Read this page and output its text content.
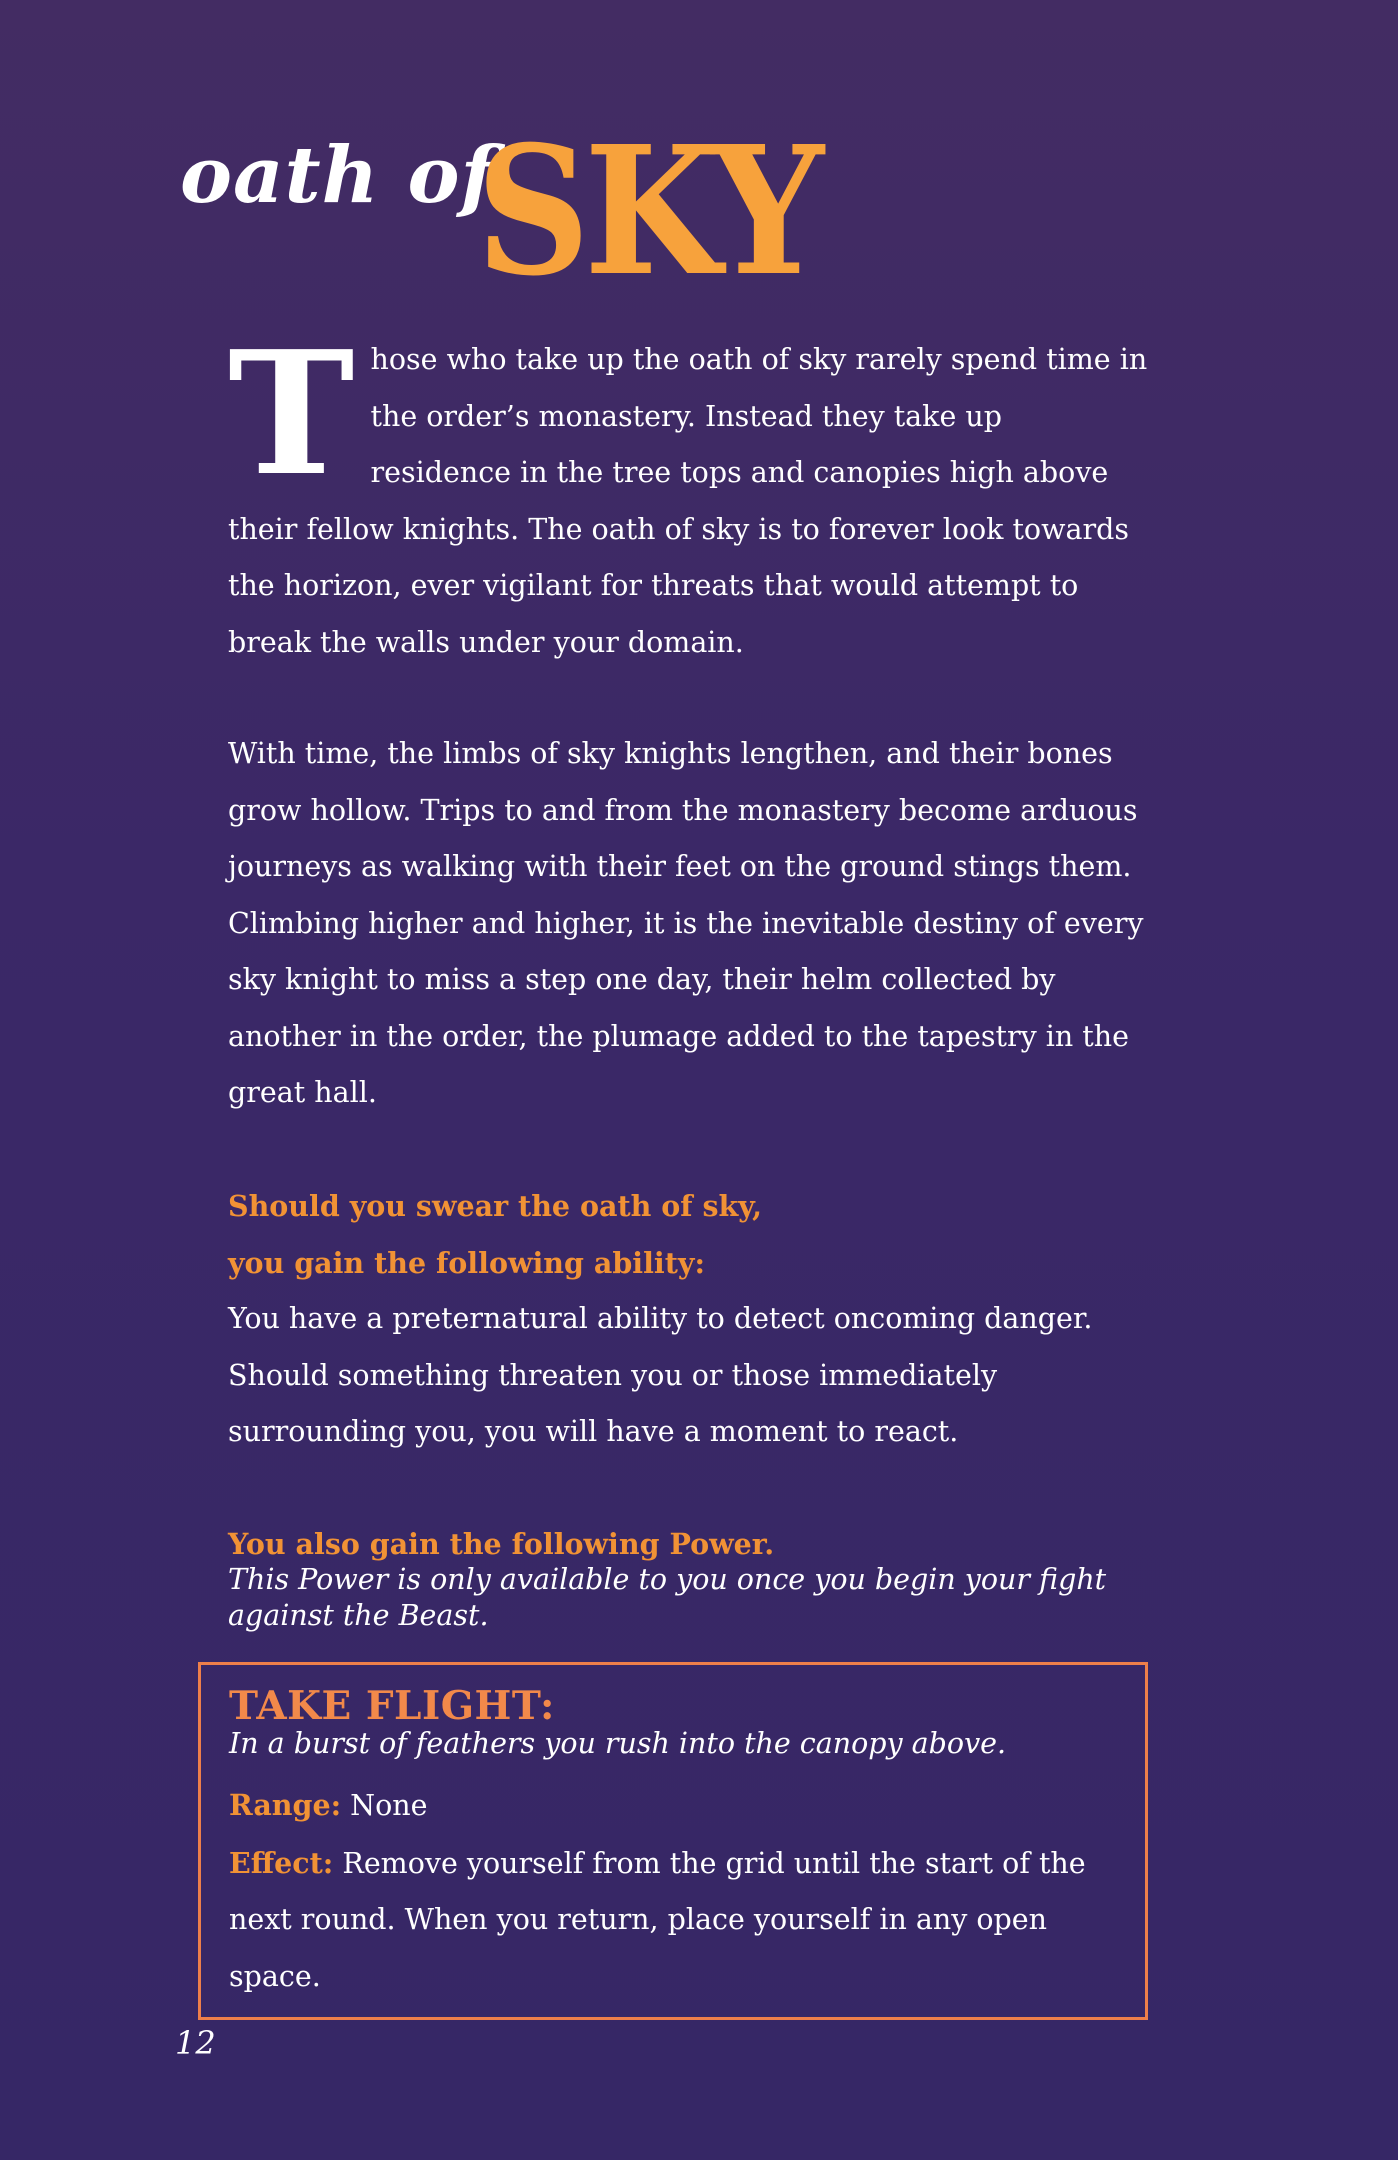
oath of
SKY
T hose who take up the oath of sky rarely spend time in the order’s monastery. Instead they take up residence in the tree tops and canopies high above their fellow knights. The oath of sky is to forever look towards the horizon, ever vigilant for threats that would attempt to break the walls under your domain.
With time, the limbs of sky knights lengthen, and their bones grow hollow. Trips to and from the monastery become arduous journeys as walking with their feet on the ground stings them. Climbing higher and higher, it is the inevitable destiny of every sky knight to miss a step one day, their helm collected by another in the order, the plumage added to the tapestry in the great hall.
Should you swear the oath of sky,
you gain the following ability:
You have a preternatural ability to detect oncoming danger. Should something threaten you or those immediately surrounding you, you will have a moment to react.
You also gain the following Power.
This Power is only available to you once you begin your fight against the Beast.
TAKE FLIGHT:
In a burst of feathers you rush into the canopy above.
Range: None
Effect: Remove yourself from the grid until the start of the next round. When you return, place yourself in any open space.
12
